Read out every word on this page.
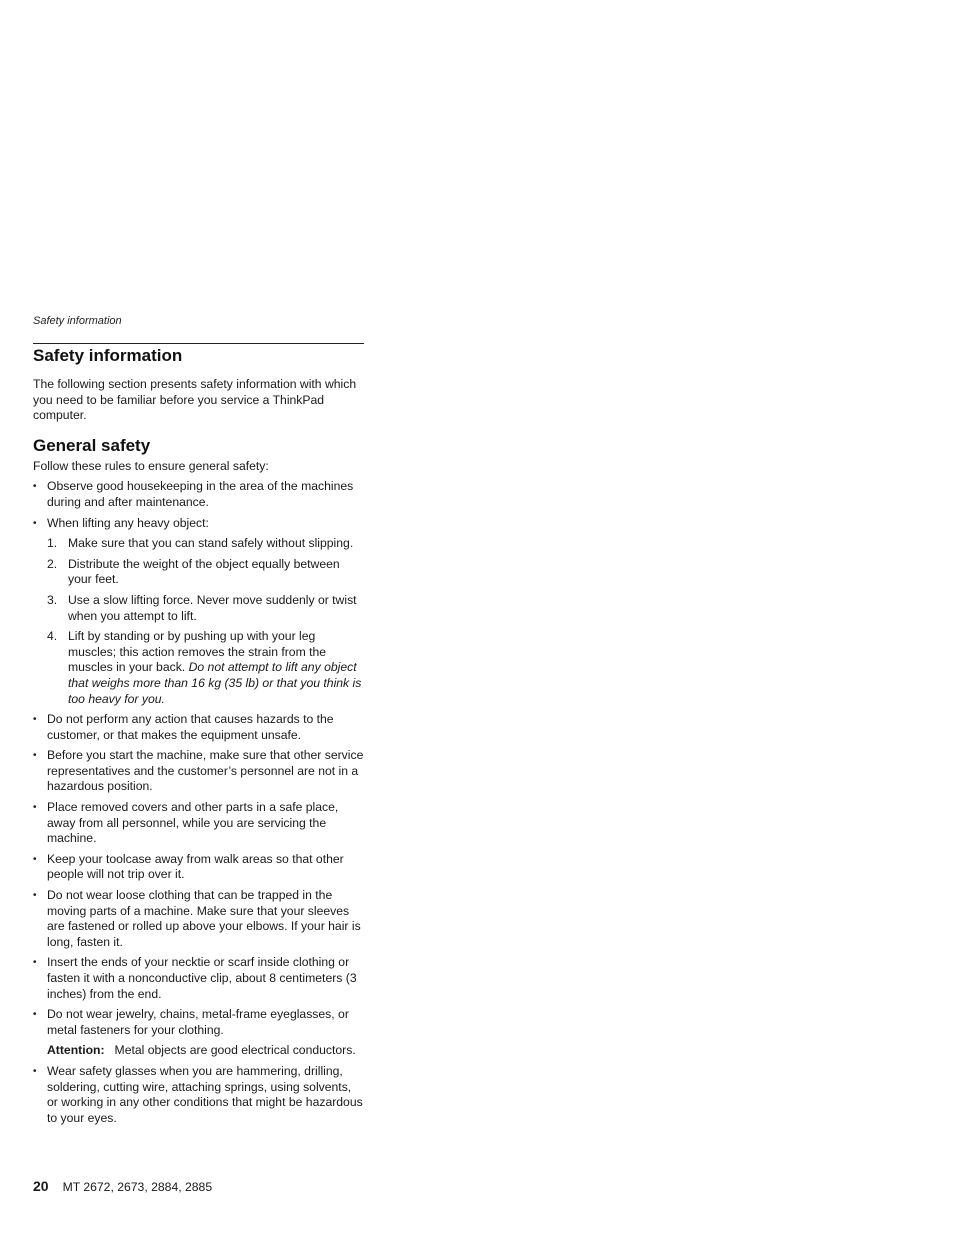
Safety information
Safety information

The following section presents safety information with which you need to be familiar before you service a ThinkPad computer.

General safety

Follow these rules to ensure general safety:

• Observe good housekeeping in the area of the machines during and after maintenance.
• When lifting any heavy object:
1. Make sure that you can stand safely without slipping.
2. Distribute the weight of the object equally between your feet.
3. Use a slow lifting force. Never move suddenly or twist when you attempt to lift.
4. Lift by standing or by pushing up with your leg muscles; this action removes the strain from the muscles in your back. Do not attempt to lift any object that weighs more than 16 kg (35 lb) or that you think is too heavy for you.
• Do not perform any action that causes hazards to the customer, or that makes the equipment unsafe.
• Before you start the machine, make sure that other service representatives and the customer’s personnel are not in a hazardous position.
• Place removed covers and other parts in a safe place, away from all personnel, while you are servicing the machine.
• Keep your toolcase away from walk areas so that other people will not trip over it.
• Do not wear loose clothing that can be trapped in the moving parts of a machine. Make sure that your sleeves are fastened or rolled up above your elbows. If your hair is long, fasten it.
• Insert the ends of your necktie or scarf inside clothing or fasten it with a nonconductive clip, about 8 centimeters (3 inches) from the end.
• Do not wear jewelry, chains, metal-frame eyeglasses, or metal fasteners for your clothing.

Attention: Metal objects are good electrical conductors.

• Wear safety glasses when you are hammering, drilling, soldering, cutting wire, attaching springs, using solvents, or working in any other conditions that might be hazardous to your eyes.
20 MT 2672, 2673, 2884, 2885
